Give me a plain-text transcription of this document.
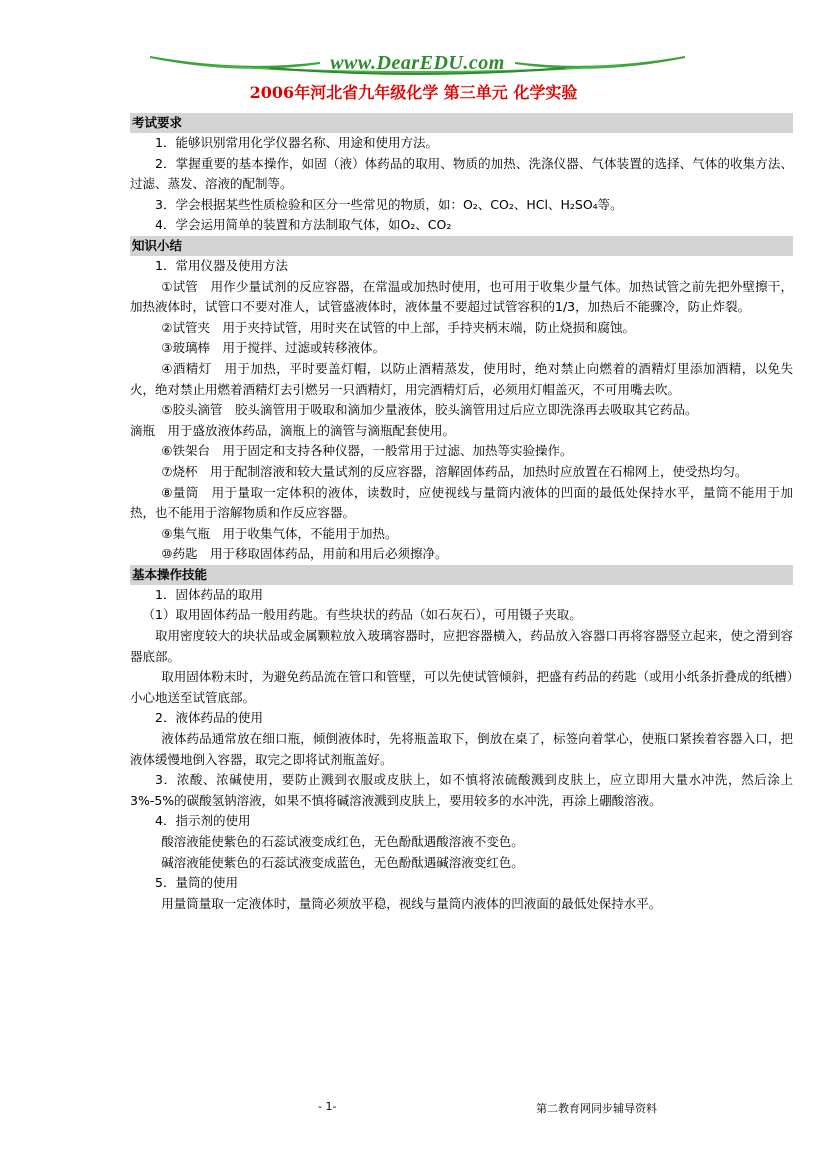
www.DearEDU.com
2006年河北省九年级化学 第三单元 化学实验
考试要求

1．能够识别常用化学仪器名称、用途和使用方法。

2．掌握重要的基本操作，如固（液）体药品的取用、物质的加热、洗涤仪器、气体装置的选择、气体的收集方法、过滤、蒸发、溶液的配制等。

3．学会根据某些性质检验和区分一些常见的物质，如：O₂、CO₂、HCl、H₂SO₄等。

4．学会运用简单的装置和方法制取气体，如O₂、CO₂

知识小结

1．常用仪器及使用方法

①试管　用作少量试剂的反应容器，在常温或加热时使用，也可用于收集少量气体。加热试管之前先把外壁擦干，加热液体时，试管口不要对准人，试管盛液体时，液体量不要超过试管容积的1/3，加热后不能骤冷，防止炸裂。

②试管夹　用于夹持试管，用时夹在试管的中上部，手持夹柄末端，防止烧损和腐蚀。

③玻璃棒　用于搅拌、过滤或转移液体。

④酒精灯　用于加热，平时要盖灯帽，以防止酒精蒸发，使用时，绝对禁止向燃着的酒精灯里添加酒精，以免失火，绝对禁止用燃着酒精灯去引燃另一只酒精灯，用完酒精灯后，必须用灯帽盖灭，不可用嘴去吹。

⑤胶头滴管　胶头滴管用于吸取和滴加少量液体，胶头滴管用过后应立即洗涤再去吸取其它药品。

滴瓶　用于盛放液体药品，滴瓶上的滴管与滴瓶配套使用。

⑥铁架台　用于固定和支持各种仪器，一般常用于过滤、加热等实验操作。

⑦烧杯　用于配制溶液和较大量试剂的反应容器，溶解固体药品，加热时应放置在石棉网上，使受热均匀。

⑧量筒　用于量取一定体积的液体，读数时，应使视线与量筒内液体的凹面的最低处保持水平，量筒不能用于加热，也不能用于溶解物质和作反应容器。

⑨集气瓶　用于收集气体，不能用于加热。

⑩药匙　用于移取固体药品，用前和用后必须擦净。

基本操作技能

1．固体药品的取用

（1）取用固体药品一般用药匙。有些块状的药品（如石灰石），可用镊子夹取。

　取用密度较大的块状品或金属颗粒放入玻璃容器时，应把容器横入，药品放入容器口再将容器竖立起来，使之滑到容器底部。

取用固体粉末时，为避免药品流在管口和管壁，可以先使试管倾斜，把盛有药品的药匙（或用小纸条折叠成的纸槽）小心地送至试管底部。

2．液体药品的使用

液体药品通常放在细口瓶，倾倒液体时，先将瓶盖取下，倒放在桌了，标签向着掌心，使瓶口紧挨着容器入口，把液体缓慢地倒入容器，取完之即将试剂瓶盖好。

3．浓酸、浓碱使用，要防止溅到衣服或皮肤上，如不慎将浓硫酸溅到皮肤上，应立即用大量水冲洗，然后涂上3%-5%的碳酸氢钠溶液，如果不慎将碱溶液溅到皮肤上，要用较多的水冲洗，再涂上硼酸溶液。

4．指示剂的使用

酸溶液能使紫色的石蕊试液变成红色，无色酚酞遇酸溶液不变色。

碱溶液能使紫色的石蕊试液变成蓝色，无色酚酞遇碱溶液变红色。

5．量筒的使用

用量筒量取一定液体时，量筒必须放平稳，视线与量筒内液体的凹液面的最低处保持水平。

- 1-	第二教育网同步辅导资料
